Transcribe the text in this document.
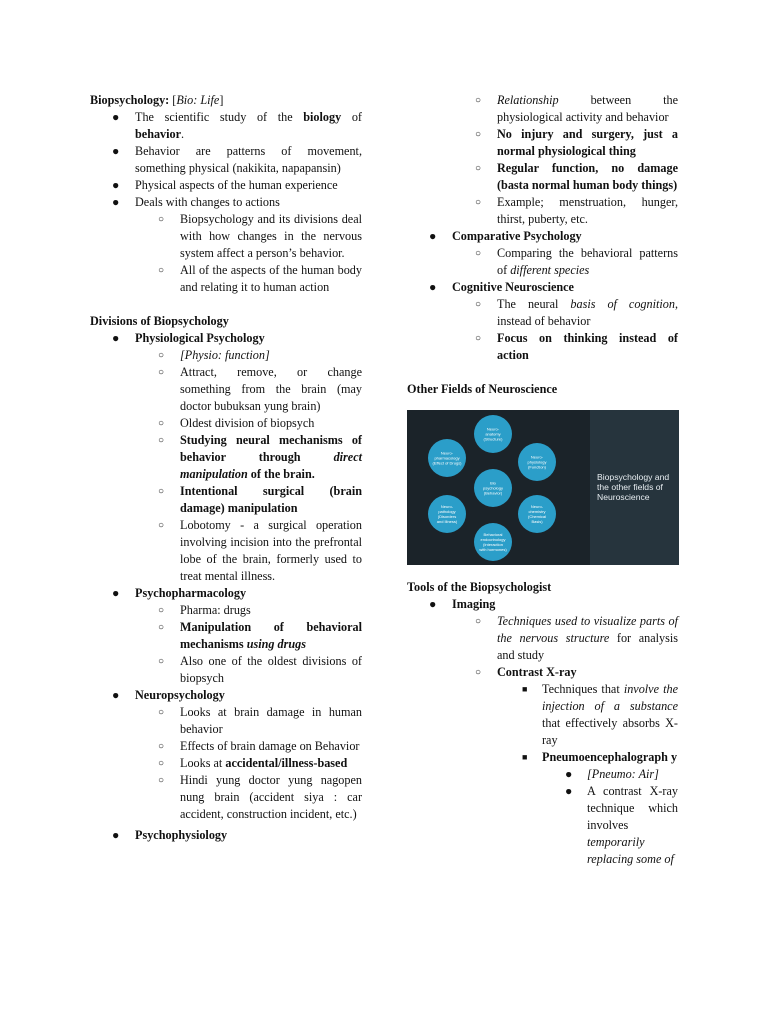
Biopsychology: [Bio: Life]

● The scientific study of the biology of behavior.
● Behavior are patterns of movement, something physical (nakikita, napapansin)
● Physical aspects of the human experience
● Deals with changes to actions
○ Biopsychology and its divisions deal with how changes in the nervous system affect a person’s behavior.
○ All of the aspects of the human body and relating it to human action

Divisions of Biopsychology

● Physiological Psychology
○ [Physio: function]
○ Attract, remove, or change something from the brain (may doctor bubuksan yung brain)
○ Oldest division of biopsych
○ Studying neural mechanisms of behavior through direct manipulation of the brain.
○ Intentional surgical (brain damage) manipulation
○ Lobotomy - a surgical operation involving incision into the prefrontal lobe of the brain, formerly used to treat mental illness.
● Psychopharmacology
○ Pharma: drugs
○ Manipulation of behavioral mechanisms using drugs
○ Also one of the oldest divisions of biopsych
● Neuropsychology
○ Looks at brain damage in human behavior
○ Effects of brain damage on Behavior
○ Looks at accidental/illness-based
○ Hindi yung doctor yung nagopen nung brain (accident siya : car accident, construction incident, etc.)
● Psychophysiology
○ Relationship between the physiological activity and behavior
○ No injury and surgery, just a normal physiological thing
○ Regular function, no damage (basta normal human body things)
○ Example; menstruation, hunger, thirst, puberty, etc.
● Comparative Psychology
○ Comparing the behavioral patterns of different species
● Cognitive Neuroscience
○ The neural basis of cognition, instead of behavior
○ Focus on thinking instead of action

Other Fields of Neuroscience

Neuro-
anatomy
(Structure)
Neuro-
physiology
(Function)
Neuro-
chemistry
(Chemical
Basis)
Behavioral
endocrinology
(Interaction
with hormones)
Neuro-
pathology
(Disorders
and Illness)
Neuro-
pharmacology
(Effect of Drugs)
Bio
psychology
(Behavior)
Biopsychology and the other fields of Neuroscience

Tools of the Biopsychologist

● Imaging
○ Techniques used to visualize parts of the nervous structure for analysis and study
○ Contrast X-ray
■ Techniques that involve the injection of a substance that effectively absorbs X-ray
■ Pneumoencephalograph y
● [Pneumo: Air]
● A contrast X-ray technique which involves temporarily replacing some of
